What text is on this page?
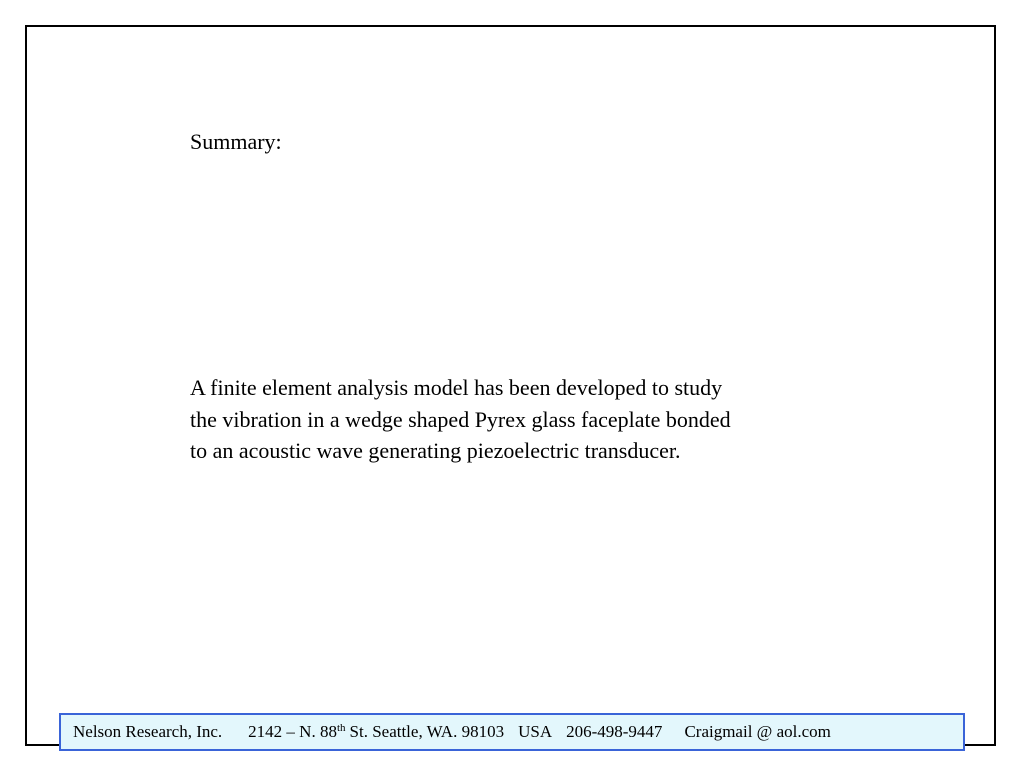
Summary:
A finite element analysis model has been developed to study
the vibration in a wedge shaped Pyrex glass faceplate bonded
to an acoustic wave generating piezoelectric transducer.
Nelson Research, Inc. 2142 – N. 88th St. Seattle, WA. 98103 USA 206-498-9447 Craigmail @ aol.com
